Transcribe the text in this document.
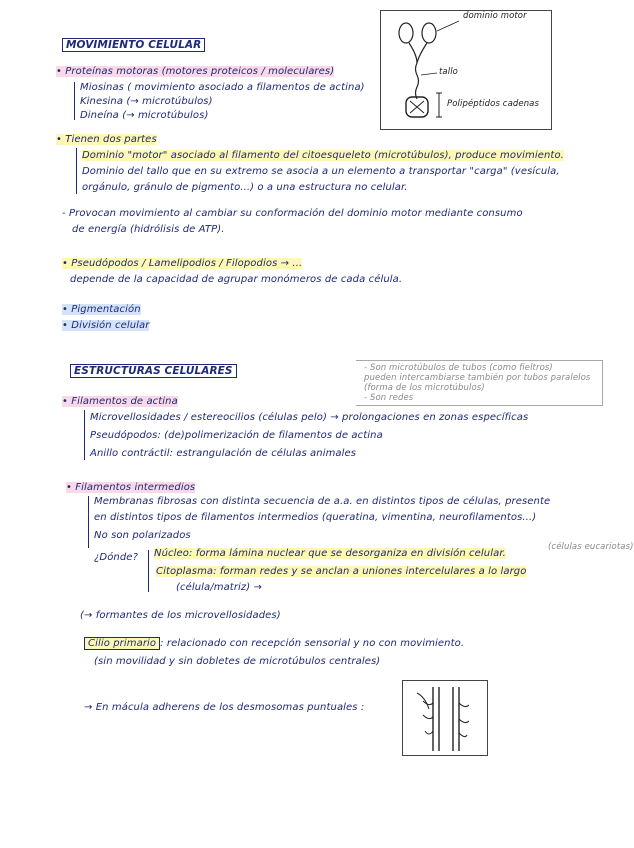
MOVIMIENTO CELULAR
dominio motor
tallo
Polipéptidos cadenas
• Proteínas motoras (motores proteicos / moleculares)
Miosinas ( movimiento asociado a filamentos de actina)
Kinesina (→ microtúbulos)
Dineína (→ microtúbulos)
• Tienen dos partes
Dominio "motor" asociado al filamento del citoesqueleto (microtúbulos), produce movimiento.
Dominio del tallo que en su extremo se asocia a un elemento a transportar "carga" (vesícula,
orgánulo, gránulo de pigmento...) o a una estructura no celular.
- Provocan movimiento al cambiar su conformación del dominio motor mediante consumo
de energía (hidrólisis de ATP).
• Pseudópodos / Lamelipodios / Filopodios → ...
depende de la capacidad de agrupar monómeros de cada célula.
• Pigmentación
• División celular
ESTRUCTURAS CELULARES	- Son microtúbulos de tubos (como fieltros)
pueden intercambiarse también por tubos paralelos
(forma de los microtúbulos)
- Son redes
• Filamentos de actina
Microvellosidades / estereocilios (células pelo) → prolongaciones en zonas específicas
Pseudópodos: (de)polimerización de filamentos de actina
Anillo contráctil: estrangulación de células animales
• Filamentos intermedios
Membranas fibrosas con distinta secuencia de a.a. en distintos tipos de células, presente
en distintos tipos de filamentos intermedios (queratina, vimentina, neurofilamentos...)
No son polarizados
¿Dónde? Núcleo: forma lámina nuclear que se desorganiza en división celular.
Citoplasma: forman redes y se anclan a uniones intercelulares a lo largo
(célula/matriz) →
(células eucariotas)
(→ formantes de los microvellosidades)
Cilio primario : relacionado con recepción sensorial y no con movimiento.
(sin movilidad y sin dobletes de microtúbulos centrales)
→ En mácula adherens de los desmosomas puntuales :
